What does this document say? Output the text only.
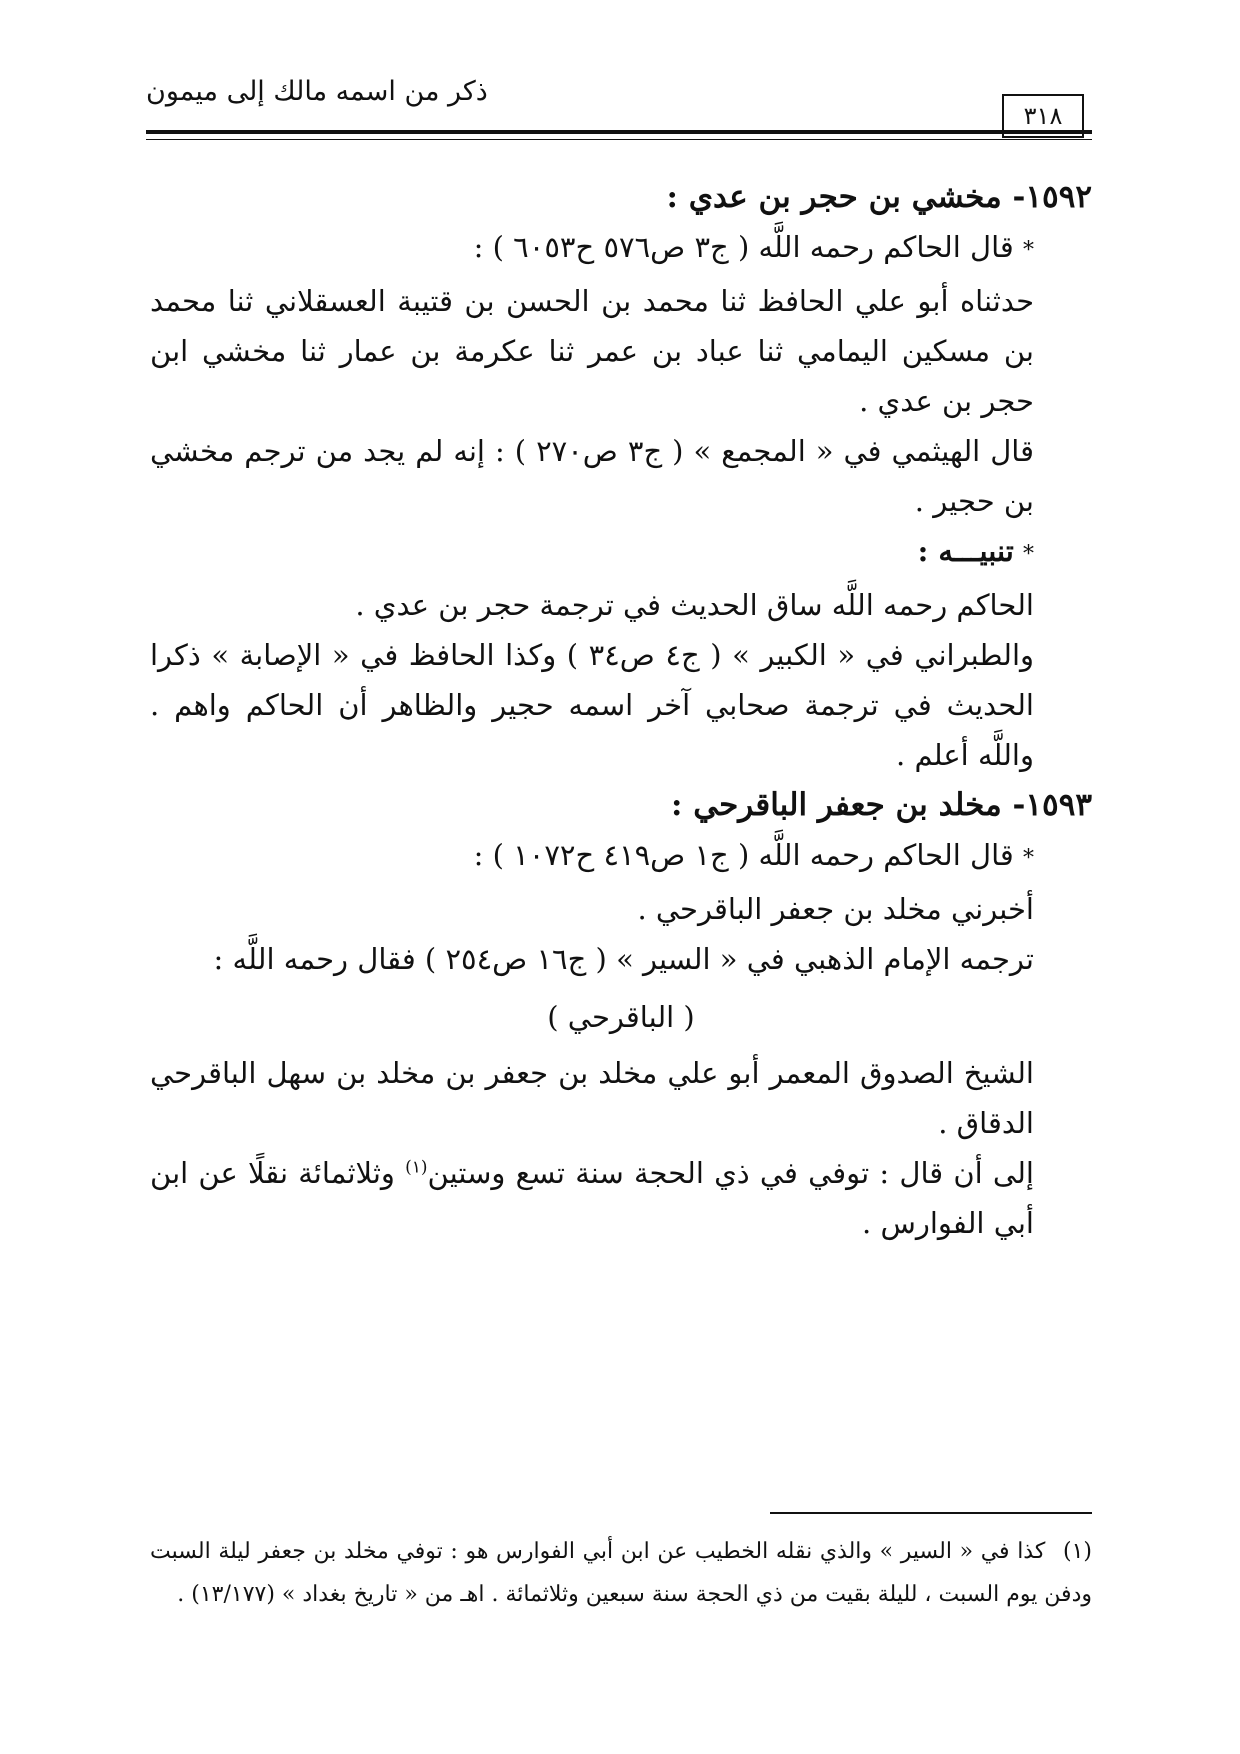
٣١٨
ذكر من اسمه مالك إلى ميمون

١٥٩٢- مخشي بن حجر بن عدي :

* قال الحاكم رحمه اللَّه ( ج٣ ص٥٧٦ ح٦٠٥٣ ) :

حدثناه أبو علي الحافظ ثنا محمد بن الحسن بن قتيبة العسقلاني ثنا محمد بن مسكين اليمامي ثنا عباد بن عمر ثنا عكرمة بن عمار ثنا مخشي ابن حجر بن عدي .

قال الهيثمي في « المجمع » ( ج٣ ص٢٧٠ ) : إنه لم يجد من ترجم مخشي بن حجير .

* تنبيـــه :

الحاكم رحمه اللَّه ساق الحديث في ترجمة حجر بن عدي .

والطبراني في « الكبير » ( ج٤ ص٣٤ ) وكذا الحافظ في « الإصابة » ذكرا الحديث في ترجمة صحابي آخر اسمه حجير والظاهر أن الحاكم واهم . واللَّه أعلم .

١٥٩٣- مخلد بن جعفر الباقرحي :

* قال الحاكم رحمه اللَّه ( ج١ ص٤١٩ ح١٠٧٢ ) :

أخبرني مخلد بن جعفر الباقرحي .

ترجمه الإمام الذهبي في « السير » ( ج١٦ ص٢٥٤ ) فقال رحمه اللَّه :

( الباقرحي )

الشيخ الصدوق المعمر أبو علي مخلد بن جعفر بن مخلد بن سهل الباقرحي الدقاق .

إلى أن قال : توفي في ذي الحجة سنة تسع وستين$^{(١)}$ وثلاثمائة نقلًا عن ابن أبي الفوارس .

(١) كذا في « السير » والذي نقله الخطيب عن ابن أبي الفوارس هو : توفي مخلد بن جعفر ليلة السبت ودفن يوم السبت ، لليلة بقيت من ذي الحجة سنة سبعين وثلاثمائة . اهـ من « تاريخ بغداد » (١٣/١٧٧) .
